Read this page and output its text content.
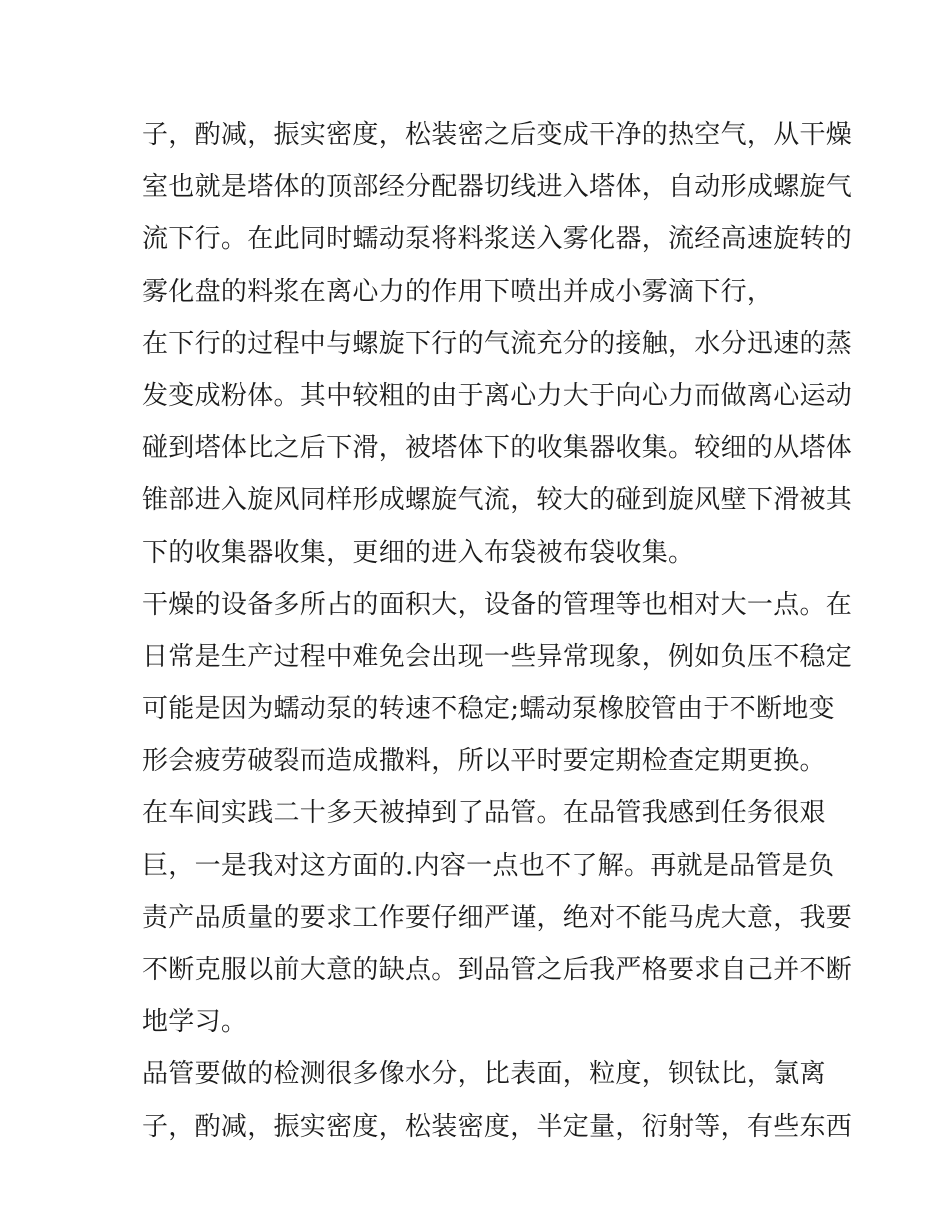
子，酌减，振实密度，松装密之后变成干净的热空气，从干燥
室也就是塔体的顶部经分配器切线进入塔体，自动形成螺旋气
流下行。在此同时蠕动泵将料浆送入雾化器，流经高速旋转的
雾化盘的料浆在离心力的作用下喷出并成小雾滴下行，
在下行的过程中与螺旋下行的气流充分的接触，水分迅速的蒸
发变成粉体。其中较粗的由于离心力大于向心力而做离心运动
碰到塔体比之后下滑，被塔体下的收集器收集。较细的从塔体
锥部进入旋风同样形成螺旋气流，较大的碰到旋风壁下滑被其
下的收集器收集，更细的进入布袋被布袋收集。
干燥的设备多所占的面积大，设备的管理等也相对大一点。在
日常是生产过程中难免会出现一些异常现象，例如负压不稳定
可能是因为蠕动泵的转速不稳定;蠕动泵橡胶管由于不断地变
形会疲劳破裂而造成撒料，所以平时要定期检查定期更换。
在车间实践二十多天被掉到了品管。在品管我感到任务很艰
巨，一是我对这方面的.内容一点也不了解。再就是品管是负
责产品质量的要求工作要仔细严谨，绝对不能马虎大意，我要
不断克服以前大意的缺点。到品管之后我严格要求自己并不断
地学习。
品管要做的检测很多像水分，比表面，粒度，钡钛比，氯离
子，酌减，振实密度，松装密度，半定量，衍射等，有些东西
